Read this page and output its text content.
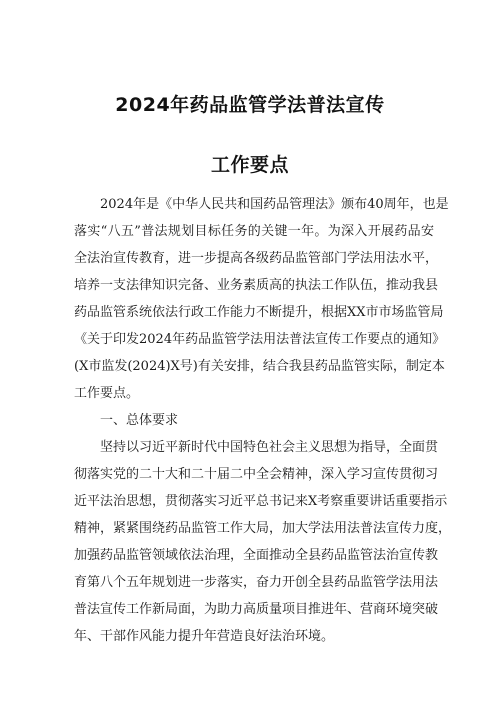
2024年药品监管学法普法宣传
工作要点
2024年是《中华人民共和国药品管理法》颁布40周年，也是
落实“八五”普法规划目标任务的关键一年。为深入开展药品安
全法治宣传教育，进一步提高各级药品监管部门学法用法水平，
培养一支法律知识完备、业务素质高的执法工作队伍，推动我县
药品监管系统依法行政工作能力不断提升，根据XX市市场监管局
《关于印发2024年药品监管学法用法普法宣传工作要点的通知》
(X市监发(2024)X号)有关安排，结合我县药品监管实际，制定本
工作要点。
一、总体要求
坚持以习近平新时代中国特色社会主义思想为指导，全面贯
彻落实党的二十大和二十届二中全会精神，深入学习宣传贯彻习
近平法治思想，贯彻落实习近平总书记来X考察重要讲话重要指示
精神，紧紧围绕药品监管工作大局，加大学法用法普法宣传力度，
加强药品监管领域依法治理，全面推动全县药品监管法治宣传教
育第八个五年规划进一步落实，奋力开创全县药品监管学法用法
普法宣传工作新局面，为助力高质量项目推进年、营商环境突破
年、干部作风能力提升年营造良好法治环境。
